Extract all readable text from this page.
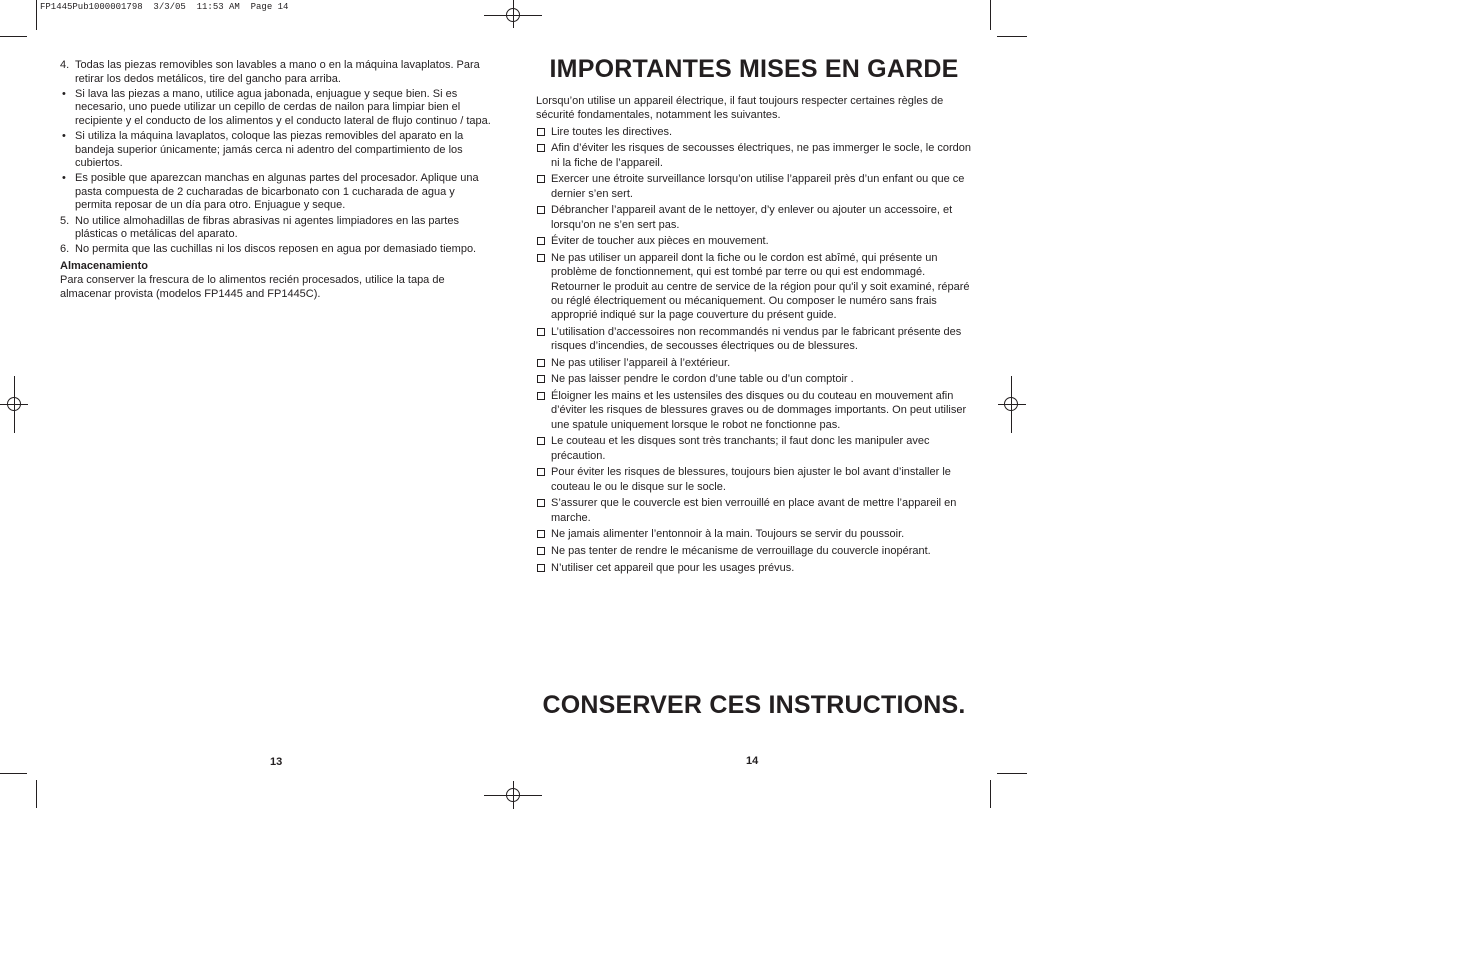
FP1445Pub1000001798  3/3/05  11:53 AM  Page 14
4. Todas las piezas removibles son lavables a mano o en la máquina lavaplatos. Para retirar los dedos metálicos, tire del gancho para arriba.
• Si lava las piezas a mano, utilice agua jabonada, enjuague y seque bien. Si es necesario, uno puede utilizar un cepillo de cerdas de nailon para limpiar bien el recipiente y el conducto de los alimentos y el conducto lateral de flujo continuo / tapa.
• Si utiliza la máquina lavaplatos, coloque las piezas removibles del aparato en la bandeja superior únicamente; jamás cerca ni adentro del compartimiento de los cubiertos.
• Es posible que aparezcan manchas en algunas partes del procesador. Aplique una pasta compuesta de 2 cucharadas de bicarbonato con 1 cucharada de agua y permita reposar de un día para otro. Enjuague y seque.
5. No utilice almohadillas de fibras abrasivas ni agentes limpiadores en las partes plásticas o metálicas del aparato.
6. No permita que las cuchillas ni los discos reposen en agua por demasiado tiempo.
Almacenamiento
Para conserver la frescura de lo alimentos recién procesados, utilice la tapa de almacenar provista (modelos FP1445 and FP1445C).
13
IMPORTANTES MISES EN GARDE
Lorsqu’on utilise un appareil électrique, il faut toujours respecter certaines règles de sécurité fondamentales, notamment les suivantes.
Lire toutes les directives.
Afin d’éviter les risques de secousses électriques, ne pas immerger le socle, le cordon ni la fiche de l’appareil.
Exercer une étroite surveillance lorsqu’on utilise l’appareil près d’un enfant ou que ce dernier s’en sert.
Débrancher l’appareil avant de le nettoyer, d’y enlever ou ajouter un accessoire, et lorsqu’on ne s’en sert pas.
Éviter de toucher aux pièces en mouvement.
Ne pas utiliser un appareil dont la fiche ou le cordon est abîmé, qui présente un problème de fonctionnement, qui est tombé par terre ou qui est endommagé. Retourner le produit au centre de service de la région pour qu'il y soit examiné, réparé ou réglé électriquement ou mécaniquement. Ou composer le numéro sans frais approprié indiqué sur la page couverture du présent guide.
L’utilisation d’accessoires non recommandés ni vendus par le fabricant présente des risques d’incendies, de secousses électriques ou de blessures.
Ne pas utiliser l’appareil à l’extérieur.
Ne pas laisser pendre le cordon d’une table ou d’un comptoir .
Éloigner les mains et les ustensiles des disques ou du couteau en mouvement afin d’éviter les risques de blessures graves ou de dommages importants. On peut utiliser une spatule uniquement lorsque le robot ne fonctionne pas.
Le couteau et les disques sont très tranchants; il faut donc les manipuler avec précaution.
Pour éviter les risques de blessures, toujours bien ajuster le bol avant d’installer le couteau le ou le disque sur le socle.
S’assurer que le couvercle est bien verrouillé en place avant de mettre l’appareil en marche.
Ne jamais alimenter l’entonnoir à la main. Toujours se servir du poussoir.
Ne pas tenter de rendre le mécanisme de verrouillage du couvercle inopérant.
N’utiliser cet appareil que pour les usages prévus.
CONSERVER CES INSTRUCTIONS.
14
